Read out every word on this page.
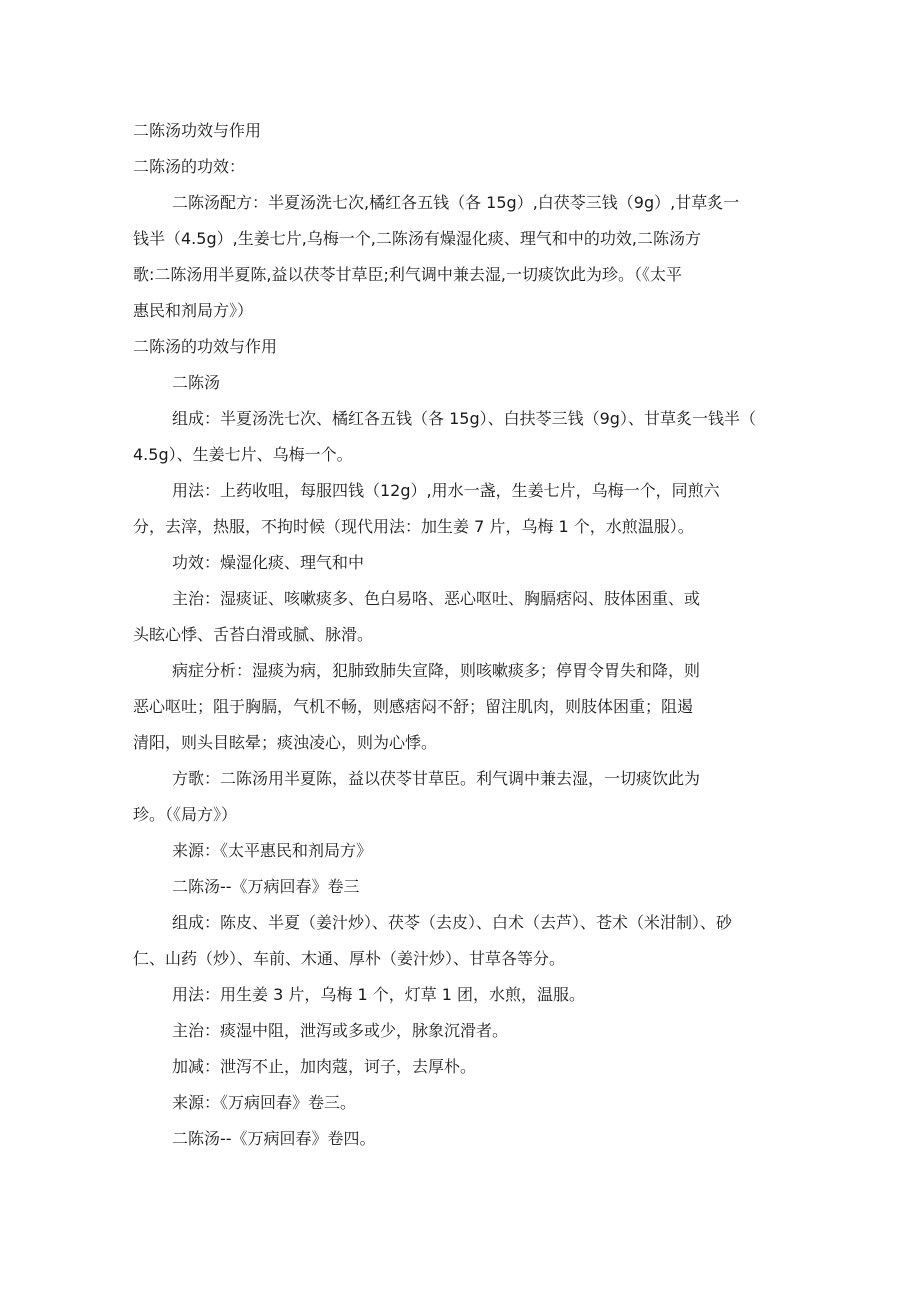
二陈汤功效与作用
二陈汤的功效：
二陈汤配方：半夏汤洗七次,橘红各五钱（各 15g）,白茯苓三钱（9g）,甘草炙一
钱半（4.5g）,生姜七片,乌梅一个,二陈汤有燥湿化痰、理气和中的功效,二陈汤方
歌:二陈汤用半夏陈,益以茯苓甘草臣;利气调中兼去湿,一切痰饮此为珍。（《太平
惠民和剂局方》）
二陈汤的功效与作用
二陈汤
组成：半夏汤洗七次、橘红各五钱（各 15g）、白扶苓三钱（9g）、甘草炙一钱半（
4.5g）、生姜七片、乌梅一个。
用法：上药收咀，每服四钱（12g）,用水一盏，生姜七片，乌梅一个，同煎六
分，去滓，热服，不拘时候（现代用法：加生姜 7 片，乌梅 1 个，水煎温服）。
功效：燥湿化痰、理气和中
主治：湿痰证、咳嗽痰多、色白易咯、恶心呕吐、胸膈痞闷、肢体困重、或
头眩心悸、舌苔白滑或腻、脉滑。
病症分析：湿痰为病，犯肺致肺失宣降，则咳嗽痰多；停胃令胃失和降，则
恶心呕吐；阻于胸膈，气机不畅，则感痞闷不舒；留注肌肉，则肢体困重；阻遏
清阳，则头目眩晕；痰浊凌心，则为心悸。
方歌：二陈汤用半夏陈，益以茯苓甘草臣。利气调中兼去湿，一切痰饮此为
珍。（《局方》）
来源：《太平惠民和剂局方》
二陈汤--《万病回春》卷三
组成：陈皮、半夏（姜汁炒）、茯苓（去皮）、白术（去芦）、苍术（米泔制）、砂
仁、山药（炒）、车前、木通、厚朴（姜汁炒）、甘草各等分。
用法：用生姜 3 片，乌梅 1 个，灯草 1 团，水煎，温服。
主治：痰湿中阻，泄泻或多或少，脉象沉滑者。
加减：泄泻不止，加肉蔻，诃子，去厚朴。
来源：《万病回春》卷三。
二陈汤--《万病回春》卷四。
